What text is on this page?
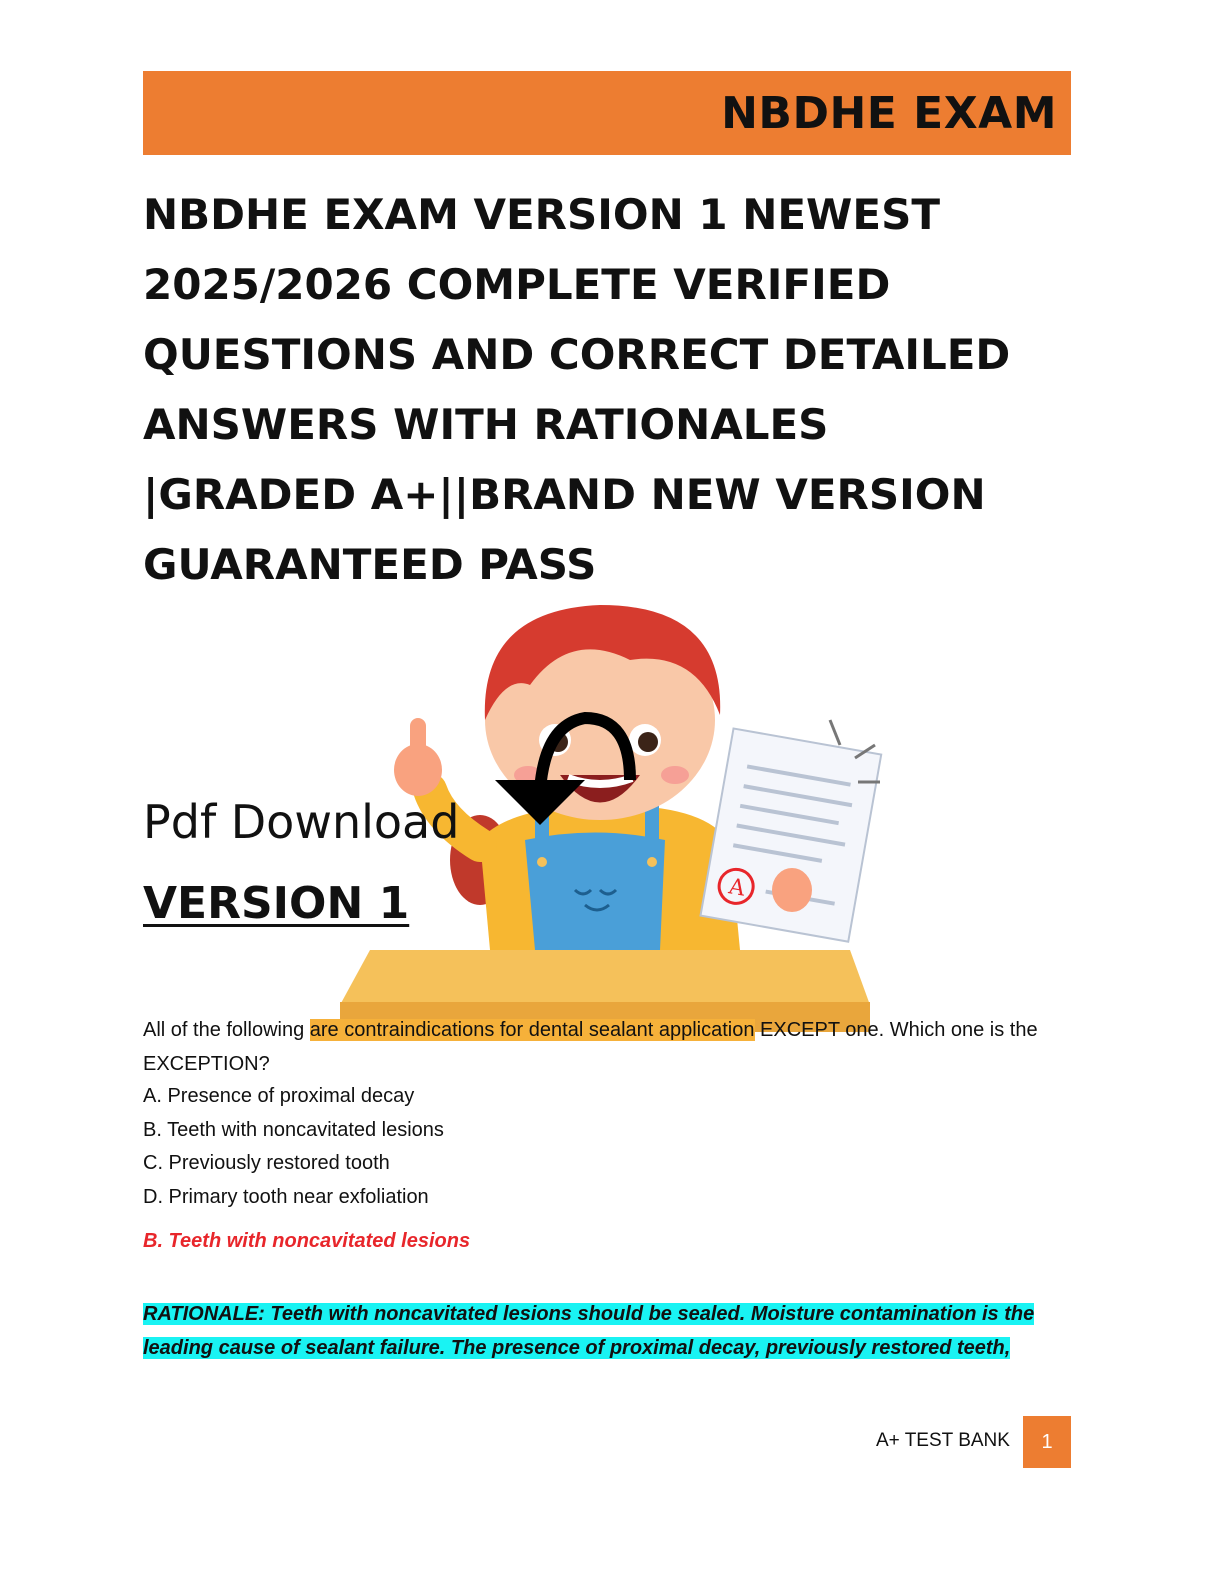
NBDHE EXAM
NBDHE EXAM VERSION 1 NEWEST
2025/2026 COMPLETE VERIFIED
QUESTIONS AND CORRECT DETAILED
ANSWERS WITH RATIONALES
|GRADED A+||BRAND NEW VERSION
GUARANTEED PASS
A
Pdf Download
VERSION 1
All of the following are contraindications for dental sealant application EXCEPT one. Which one is the EXCEPTION?
A. Presence of proximal decay
B. Teeth with noncavitated lesions
C. Previously restored tooth
D. Primary tooth near exfoliation
B. Teeth with noncavitated lesions
RATIONALE: Teeth with noncavitated lesions should be sealed. Moisture contamination is the
leading cause of sealant failure. The presence of proximal decay, previously restored teeth,
A+ TEST BANK	1
